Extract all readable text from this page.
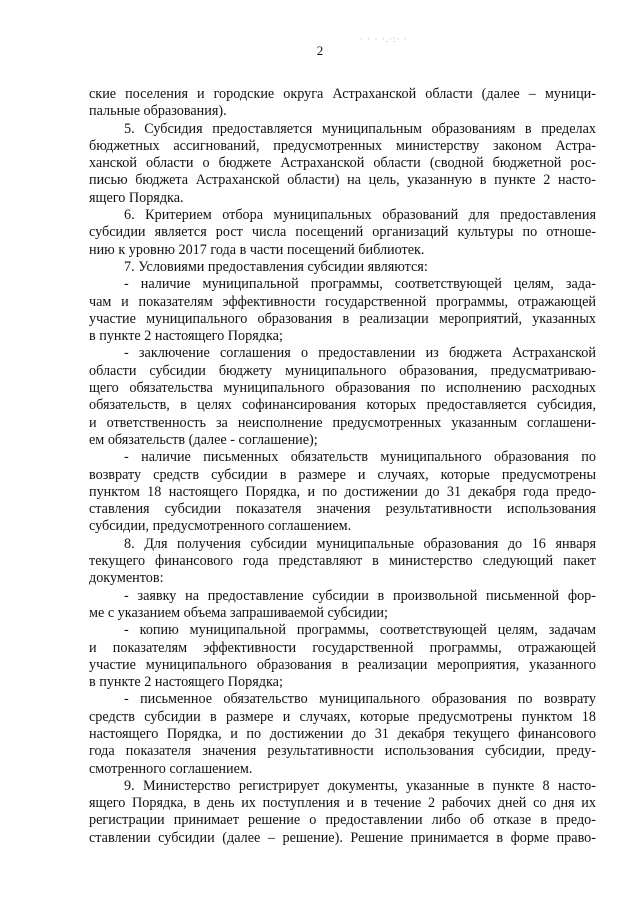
2
· · · ·.·:· ·
ские поселения и городские округа Астраханской области (далее – муници-
пальные образования).
5. Субсидия предоставляется муниципальным образованиям в пределах
бюджетных ассигнований, предусмотренных министерству законом Астра-
ханской области о бюджете Астраханской области (сводной бюджетной рос-
писью бюджета Астраханской области) на цель, указанную в пункте 2 насто-
ящего Порядка.
6. Критерием отбора муниципальных образований для предоставления
субсидии является рост числа посещений организаций культуры по отноше-
нию к уровню 2017 года в части посещений библиотек.
7. Условиями предоставления субсидии являются:
- наличие муниципальной программы, соответствующей целям, зада-
чам и показателям эффективности государственной программы, отражающей
участие муниципального образования в реализации мероприятий, указанных
в пункте 2 настоящего Порядка;
- заключение соглашения о предоставлении из бюджета Астраханской
области субсидии бюджету муниципального образования, предусматриваю-
щего обязательства муниципального образования по исполнению расходных
обязательств, в целях софинансирования которых предоставляется субсидия,
и ответственность за неисполнение предусмотренных указанным соглашени-
ем обязательств (далее - соглашение);
- наличие письменных обязательств муниципального образования по
возврату средств субсидии в размере и случаях, которые предусмотрены
пунктом 18 настоящего Порядка, и по достижении до 31 декабря года предо-
ставления субсидии показателя значения результативности использования
субсидии, предусмотренного соглашением.
8. Для получения субсидии муниципальные образования до 16 января
текущего финансового года представляют в министерство следующий пакет
документов:
- заявку на предоставление субсидии в произвольной письменной фор-
ме с указанием объема запрашиваемой субсидии;
- копию муниципальной программы, соответствующей целям, задачам
и показателям эффективности государственной программы, отражающей
участие муниципального образования в реализации мероприятия, указанного
в пункте 2 настоящего Порядка;
- письменное обязательство муниципального образования по возврату
средств субсидии в размере и случаях, которые предусмотрены пунктом 18
настоящего Порядка, и по достижении до 31 декабря текущего финансового
года показателя значения результативности использования субсидии, преду-
смотренного соглашением.
9. Министерство регистрирует документы, указанные в пункте 8 насто-
ящего Порядка, в день их поступления и в течение 2 рабочих дней со дня их
регистрации принимает решение о предоставлении либо об отказе в предо-
ставлении субсидии (далее – решение). Решение принимается в форме право-
